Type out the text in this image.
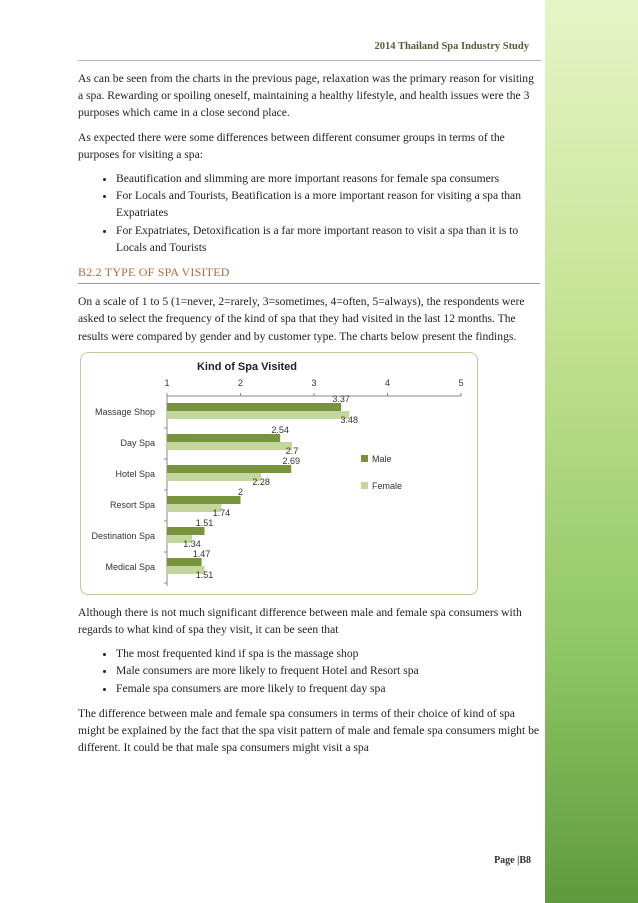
2014 Thailand Spa Industry Study

As can be seen from the charts in the previous page, relaxation was the primary reason for visiting a spa. Rewarding or spoiling oneself, maintaining a healthy lifestyle, and health issues were the 3 purposes which came in a close second place.

As expected there were some differences between different consumer groups in terms of the purposes for visiting a spa:

• Beautification and slimming are more important reasons for female spa consumers
• For Locals and Tourists, Beatification is a more important reason for visiting a spa than Expatriates
• For Expatriates, Detoxification is a far more important reason to visit a spa than it is to Locals and Tourists
B2.2 TYPE OF SPA VISITED

On a scale of 1 to 5 (1=never, 2=rarely, 3=sometimes, 4=often, 5=always), the respondents were asked to select the frequency of the kind of spa that they had visited in the last 12 months. The results were compared by gender and by customer type. The charts below present the findings.

Kind of Spa Visited
1	2	3	4	5
Massage Shop
3.37
3.48
Day Spa
2.54
2.7
Hotel Spa
2.69
2.28
Resort Spa
2
1.74
Destination Spa
1.51
1.34
Medical Spa
1.47
1.51
Male
Female

Although there is not much significant difference between male and female spa consumers with regards to what kind of spa they visit, it can be seen that

• The most frequented kind if spa is the massage shop
• Male consumers are more likely to frequent Hotel and Resort spa
• Female spa consumers are more likely to frequent day spa

The difference between male and female spa consumers in terms of their choice of kind of spa might be explained by the fact that the spa visit pattern of male and female spa consumers might be different. It could be that male spa consumers might visit a spa

Page |B8
